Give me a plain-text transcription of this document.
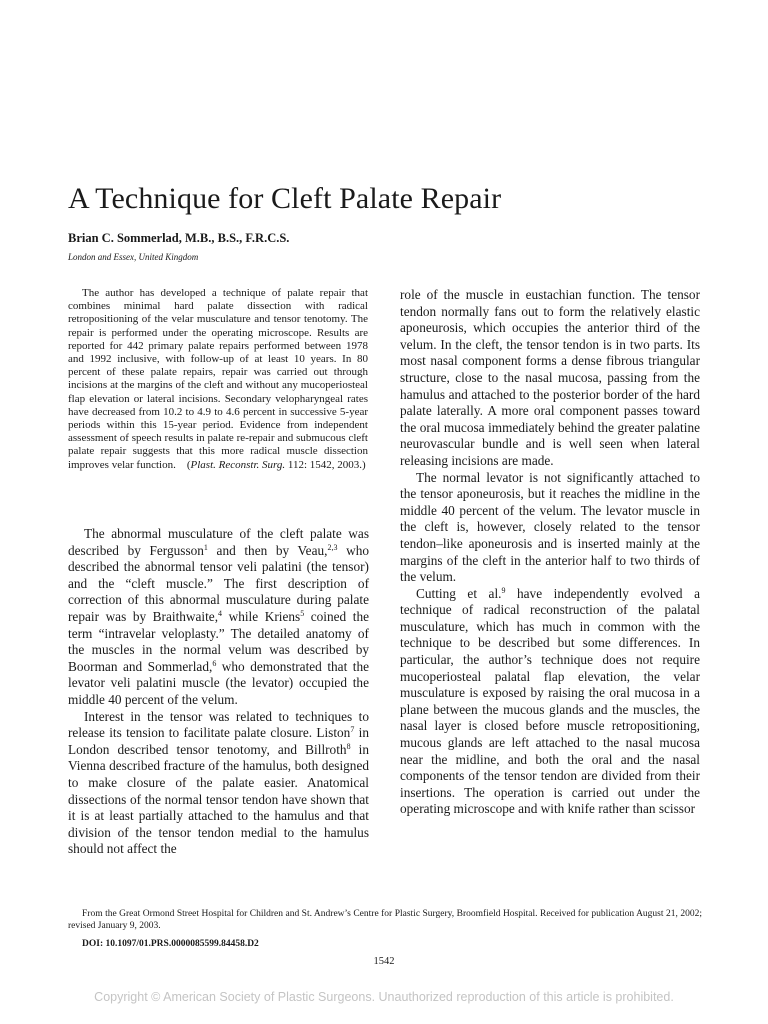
A Technique for Cleft Palate Repair
Brian C. Sommerlad, M.B., B.S., F.R.C.S.
London and Essex, United Kingdom

The author has developed a technique of palate repair that combines minimal hard palate dissection with radical retropositioning of the velar musculature and tensor tenotomy. The repair is performed under the operating microscope. Results are reported for 442 primary palate repairs performed between 1978 and 1992 inclusive, with follow-up of at least 10 years. In 80 percent of these palate repairs, repair was carried out through incisions at the margins of the cleft and without any mucoperiosteal flap elevation or lateral incisions. Secondary velopharyngeal rates have decreased from 10.2 to 4.9 to 4.6 percent in successive 5-year periods within this 15-year period. Evidence from independent assessment of speech results in palate re-repair and submucous cleft palate repair suggests that this more radical muscle dissection improves velar function. (Plast. Reconstr. Surg. 112: 1542, 2003.)

The abnormal musculature of the cleft palate was described by Fergusson$^1$ and then by Veau,$^{2,3}$ who described the abnormal tensor veli palatini (the tensor) and the “cleft muscle.” The first description of correction of this abnormal musculature during palate repair was by Braithwaite,$^4$ while Kriens$^5$ coined the term “intravelar veloplasty.” The detailed anatomy of the muscles in the normal velum was described by Boorman and Sommerlad,$^6$ who demonstrated that the levator veli palatini muscle (the levator) occupied the middle 40 percent of the velum.

Interest in the tensor was related to techniques to release its tension to facilitate palate closure. Liston$^7$ in London described tensor tenotomy, and Billroth$^8$ in Vienna described fracture of the hamulus, both designed to make closure of the palate easier. Anatomical dissections of the normal tensor tendon have shown that it is at least partially attached to the hamulus and that division of the tensor tendon medial to the hamulus should not affect the

role of the muscle in eustachian function. The tensor tendon normally fans out to form the relatively elastic aponeurosis, which occupies the anterior third of the velum. In the cleft, the tensor tendon is in two parts. Its most nasal component forms a dense fibrous triangular structure, close to the nasal mucosa, passing from the hamulus and attached to the posterior border of the hard palate laterally. A more oral component passes toward the oral mucosa immediately behind the greater palatine neurovascular bundle and is well seen when lateral releasing incisions are made.

The normal levator is not significantly attached to the tensor aponeurosis, but it reaches the midline in the middle 40 percent of the velum. The levator muscle in the cleft is, however, closely related to the tensor tendon–like aponeurosis and is inserted mainly at the margins of the cleft in the anterior half to two thirds of the velum.

Cutting et al.$^9$ have independently evolved a technique of radical reconstruction of the palatal musculature, which has much in common with the technique to be described but some differences. In particular, the author’s technique does not require mucoperiosteal palatal flap elevation, the velar musculature is exposed by raising the oral mucosa in a plane between the mucous glands and the muscles, the nasal layer is closed before muscle retropositioning, mucous glands are left attached to the nasal mucosa near the midline, and both the oral and the nasal components of the tensor tendon are divided from their insertions. The operation is carried out under the operating microscope and with knife rather than scissor

From the Great Ormond Street Hospital for Children and St. Andrew’s Centre for Plastic Surgery, Broomfield Hospital. Received for publication August 21, 2002; revised January 9, 2003.

DOI: 10.1097/01.PRS.0000085599.84458.D2
1542
Copyright © American Society of Plastic Surgeons. Unauthorized reproduction of this article is prohibited.
